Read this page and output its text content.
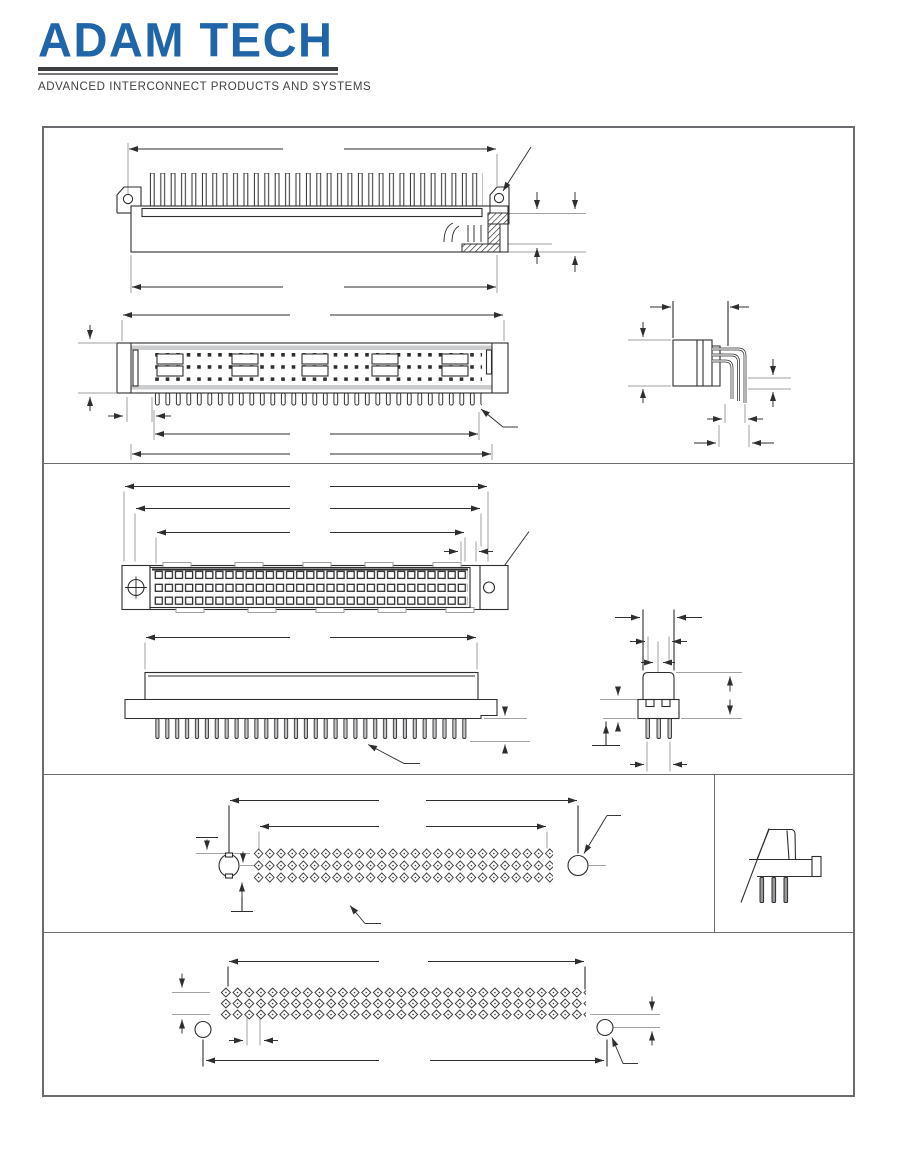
ADAM TECH
ADVANCED INTERCONNECT PRODUCTS AND SYSTEMS
